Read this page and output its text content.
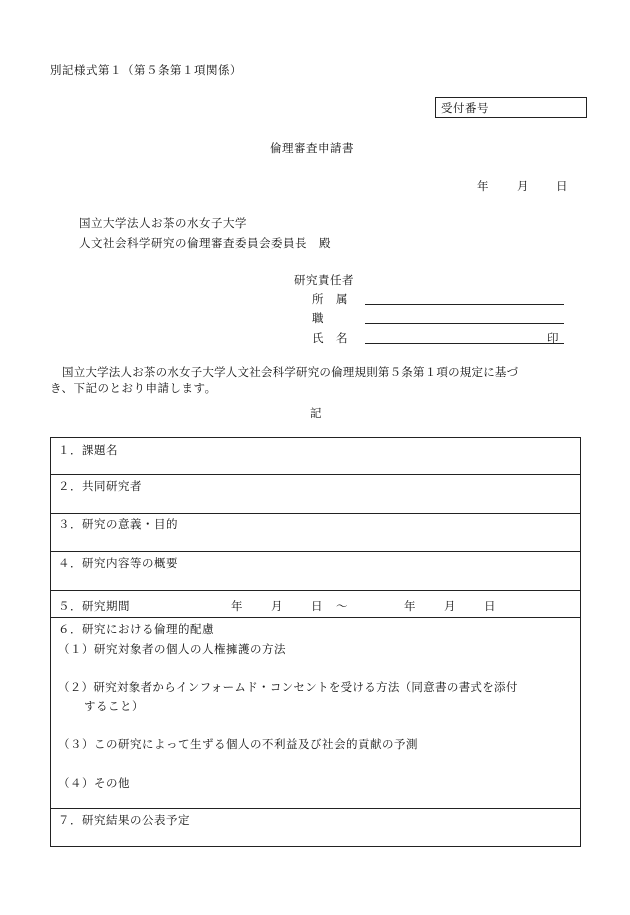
別記様式第１（第５条第１項関係）
受付番号
倫理審査申請書
年 月 日
国立大学法人お茶の水女子大学
人文社会科学研究の倫理審査委員会委員長　殿
研究責任者
所　属
職
氏　名	印
国立大学法人お茶の水女子大学人文社会科学研究の倫理規則第５条第１項の規定に基づ
き、下記のとおり申請します。
記
１．課題名
２．共同研究者
３．研究の意義・目的
４．研究内容等の概要
５．研究期間	年 月 日 ～	年 月 日
６．研究における倫理的配慮
（１）研究対象者の個人の人権擁護の方法
（２）研究対象者からインフォームド・コンセントを受ける方法（同意書の書式を添付
すること）
（３）この研究によって生ずる個人の不利益及び社会的貢献の予測
（４）その他
７．研究結果の公表予定
